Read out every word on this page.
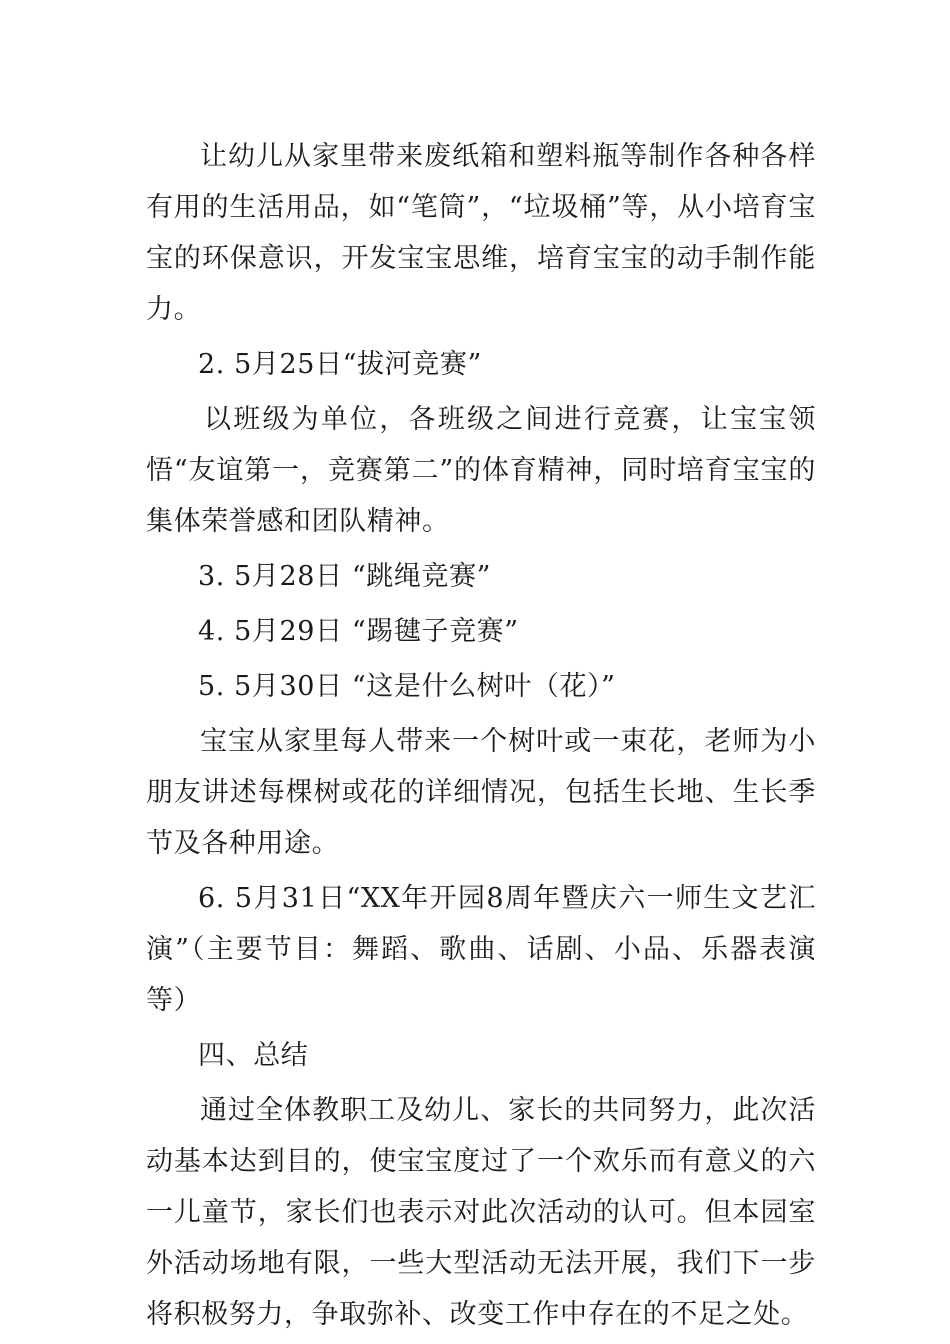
让幼儿从家里带来废纸箱和塑料瓶等制作各种各样有用的生活用品，如“笔筒”，“垃圾桶”等，从小培育宝宝的环保意识，开发宝宝思维，培育宝宝的动手制作能力。

2. 5月25日“拔河竞赛”

以班级为单位，各班级之间进行竞赛，让宝宝领悟“友谊第一，竞赛第二”的体育精神，同时培育宝宝的集体荣誉感和团队精神。

3. 5月28日 “跳绳竞赛”

4. 5月29日 “踢毽子竞赛”

5. 5月30日 “这是什么树叶（花）”

宝宝从家里每人带来一个树叶或一束花，老师为小朋友讲述每棵树或花的详细情况，包括生长地、生长季节及各种用途。

6. 5月31日“XX年开园8周年暨庆六一师生文艺汇演”（主要节目：舞蹈、歌曲、话剧、小品、乐器表演等）

四、总结

通过全体教职工及幼儿、家长的共同努力，此次活动基本达到目的，使宝宝度过了一个欢乐而有意义的六一儿童节，家长们也表示对此次活动的认可。但本园室外活动场地有限，一些大型活动无法开展，我们下一步将积极努力，争取弥补、改变工作中存在的不足之处。
